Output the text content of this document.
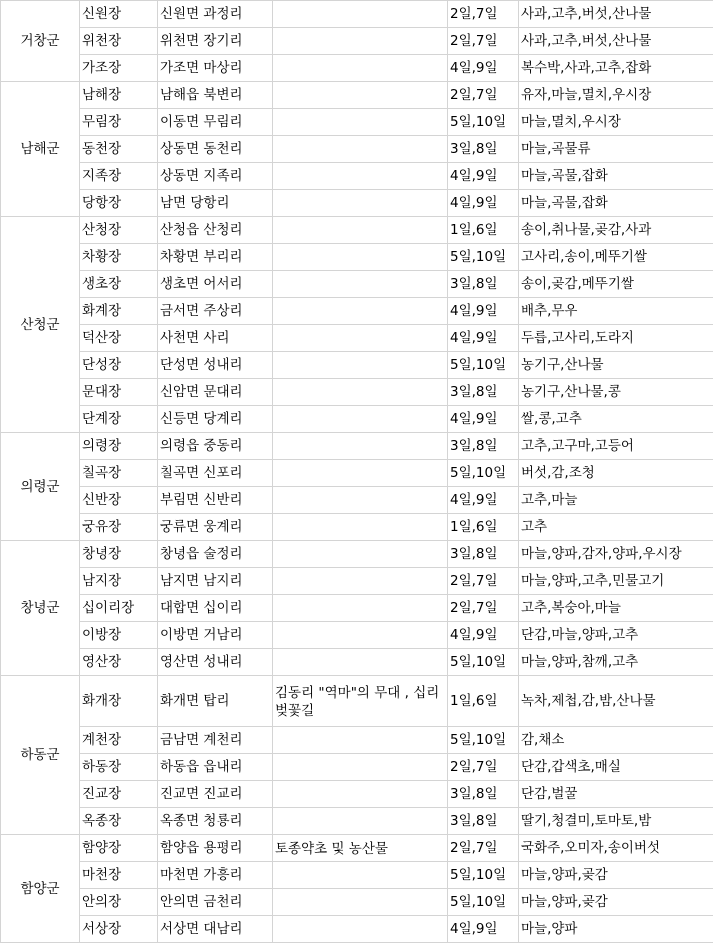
거창군	신원장	신원면 과정리		2일,7일	사과,고추,버섯,산나물
	위천장	위천면 장기리		2일,7일	사과,고추,버섯,산나물
	가조장	가조면 마상리		4일,9일	복수박,사과,고추,잡화
남해군	남해장	남해읍 북변리		2일,7일	유자,마늘,멸치,우시장
	무림장	이동면 무림리		5일,10일	마늘,멸치,우시장
	동천장	상동면 동천리		3일,8일	마늘,곡물류
	지족장	상동면 지족리		4일,9일	마늘,곡물,잡화
	당항장	남면 당항리		4일,9일	마늘,곡물,잡화
산청군	산청장	산청읍 산청리		1일,6일	송이,취나물,곶감,사과
	차황장	차황면 부리리		5일,10일	고사리,송이,메뚜기쌀
	생초장	생초면 어서리		3일,8일	송이,곶감,메뚜기쌀
	화계장	금서면 주상리		4일,9일	배추,무우
	덕산장	사천면 사리		4일,9일	두릅,고사리,도라지
	단성장	단성면 성내리		5일,10일	농기구,산나물
	문대장	신암면 문대리		3일,8일	농기구,산나물,콩
	단계장	신등면 당계리		4일,9일	쌀,콩,고추
의령군	의령장	의령읍 중동리		3일,8일	고추,고구마,고등어
	칠곡장	칠곡면 신포리		5일,10일	버섯,감,조청
	신반장	부림면 신반리		4일,9일	고추,마늘
	궁유장	궁류면 웅계리		1일,6일	고추
창녕군	창녕장	창녕읍 술정리		3일,8일	마늘,양파,감자,양파,우시장
	남지장	남지면 남지리		2일,7일	마늘,양파,고추,민물고기
	십이리장	대합면 십이리		2일,7일	고추,복숭아,마늘
	이방장	이방면 거남리		4일,9일	단감,마늘,양파,고추
	영산장	영산면 성내리		5일,10일	마늘,양파,참깨,고추
하동군	화개장	화개면 탑리	김동리 "역마"의 무대 , 십리 벚꽃길	1일,6일	녹차,제첩,감,밤,산나물
	계천장	금남면 계천리		5일,10일	감,채소
	하동장	하동읍 읍내리		2일,7일	단감,갑색초,매실
	진교장	진교면 진교리		3일,8일	단감,벌꿀
	옥종장	옥종면 청룡리		3일,8일	딸기,청결미,토마토,밤
함양군	함양장	함양읍 용평리	토종약초 및 농산물	2일,7일	국화주,오미자,송이버섯
	마천장	마천면 가흥리		5일,10일	마늘,양파,곶감
	안의장	안의면 금천리		5일,10일	마늘,양파,곶감
	서상장	서상면 대남리		4일,9일	마늘,양파
